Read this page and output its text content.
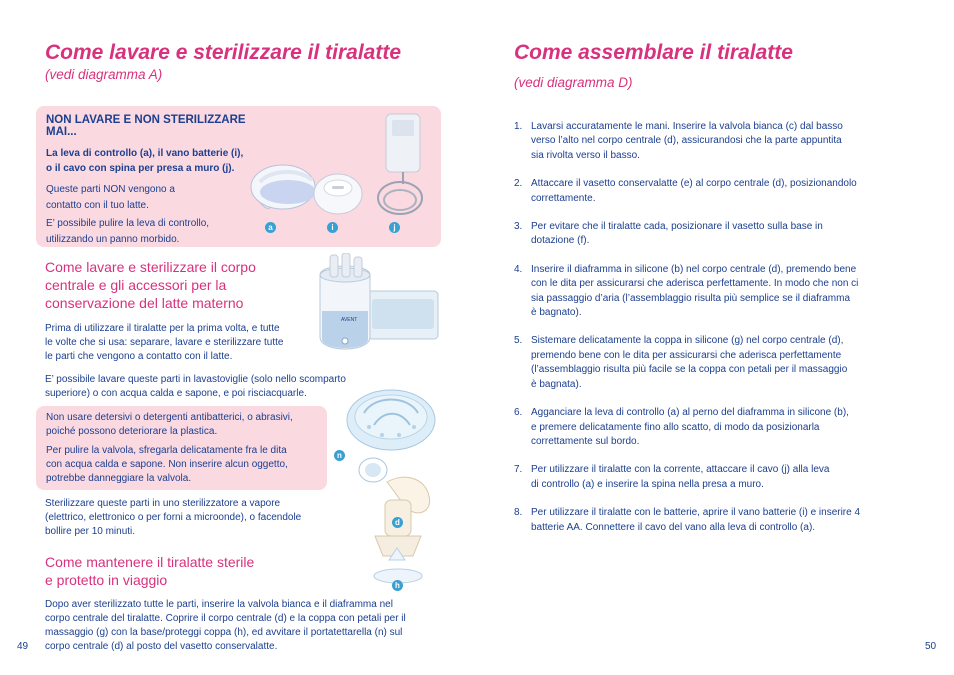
Come lavare e sterilizzare il tiralatte

(vedi diagramma A)

NON LAVARE E NON STERILIZZARE MAI...

La leva di controllo (a), il vano batterie (i),

o il cavo con spina per presa a muro (j).

Queste parti NON vengono a

contatto con il tuo latte.

E’ possibile pulire la leva di controllo,

utilizzando un panno morbido.

a	i	j

Come lavare e sterilizzare il corpo

centrale e gli accessori per la

conservazione del latte materno

Prima di utilizzare il tiralatte per la prima volta, e tutte

le volte che si usa: separare, lavare e sterilizzare tutte

le parti che vengono a contatto con il latte.

E’ possibile lavare queste parti in lavastoviglie (solo nello scomparto

superiore) o con acqua calda e sapone, e poi risciacquarle.

AVENT

Non usare detersivi o detergenti antibatterici, o abrasivi,

poiché possono deteriorare la plastica.

Per pulire la valvola, sfregarla delicatamente fra le dita

con acqua calda e sapone. Non inserire alcun oggetto,

potrebbe danneggiare la valvola.

Sterilizzare queste parti in uno sterilizzatore a vapore

(elettrico, elettronico o per forni a microonde), o facendole

bollire per 10 minuti.

Come mantenere il tiralatte sterile

e protetto in viaggio

Dopo aver sterilizzato tutte le parti, inserire la valvola bianca e il diaframma nel

corpo centrale del tiralatte. Coprire il corpo centrale (d) e la coppa con petali per il

massaggio (g) con la base/proteggi coppa (h), ed avvitare il portatettarella (n) sul

corpo centrale (d) al posto del vasetto conservalatte.

n
d
h
49
Come assemblare il tiralatte

(vedi diagramma D)

1. Lavarsi accuratamente le mani. Inserire la valvola bianca (c) dal basso
verso l’alto nel corpo centrale (d), assicurandosi che la parte appuntita
sia rivolta verso il basso.
2. Attaccare il vasetto conservalatte (e) al corpo centrale (d), posizionandolo
correttamente.
3. Per evitare che il tiralatte cada, posizionare il vasetto sulla base in
dotazione (f).
4. Inserire il diaframma in silicone (b) nel corpo centrale (d), premendo bene
con le dita per assicurarsi che aderisca perfettamente. In modo che non ci
sia passaggio d’aria (l’assemblaggio risulta più semplice se il diaframma
è bagnato).
5. Sistemare delicatamente la coppa in silicone (g) nel corpo centrale (d),
premendo bene con le dita per assicurarsi che aderisca perfettamente
(l’assemblaggio risulta più facile se la coppa con petali per il massaggio
è bagnata).
6. Agganciare la leva di controllo (a) al perno del diaframma in silicone (b),
e premere delicatamente fino allo scatto, di modo da posizionarla
correttamente sul bordo.
7. Per utilizzare il tiralatte con la corrente, attaccare il cavo (j) alla leva
di controllo (a) e inserire la spina nella presa a muro.
8. Per utilizzare il tiralatte con le batterie, aprire il vano batterie (i) e inserire 4
batterie AA. Connettere il cavo del vano alla leva di controllo (a).
50
